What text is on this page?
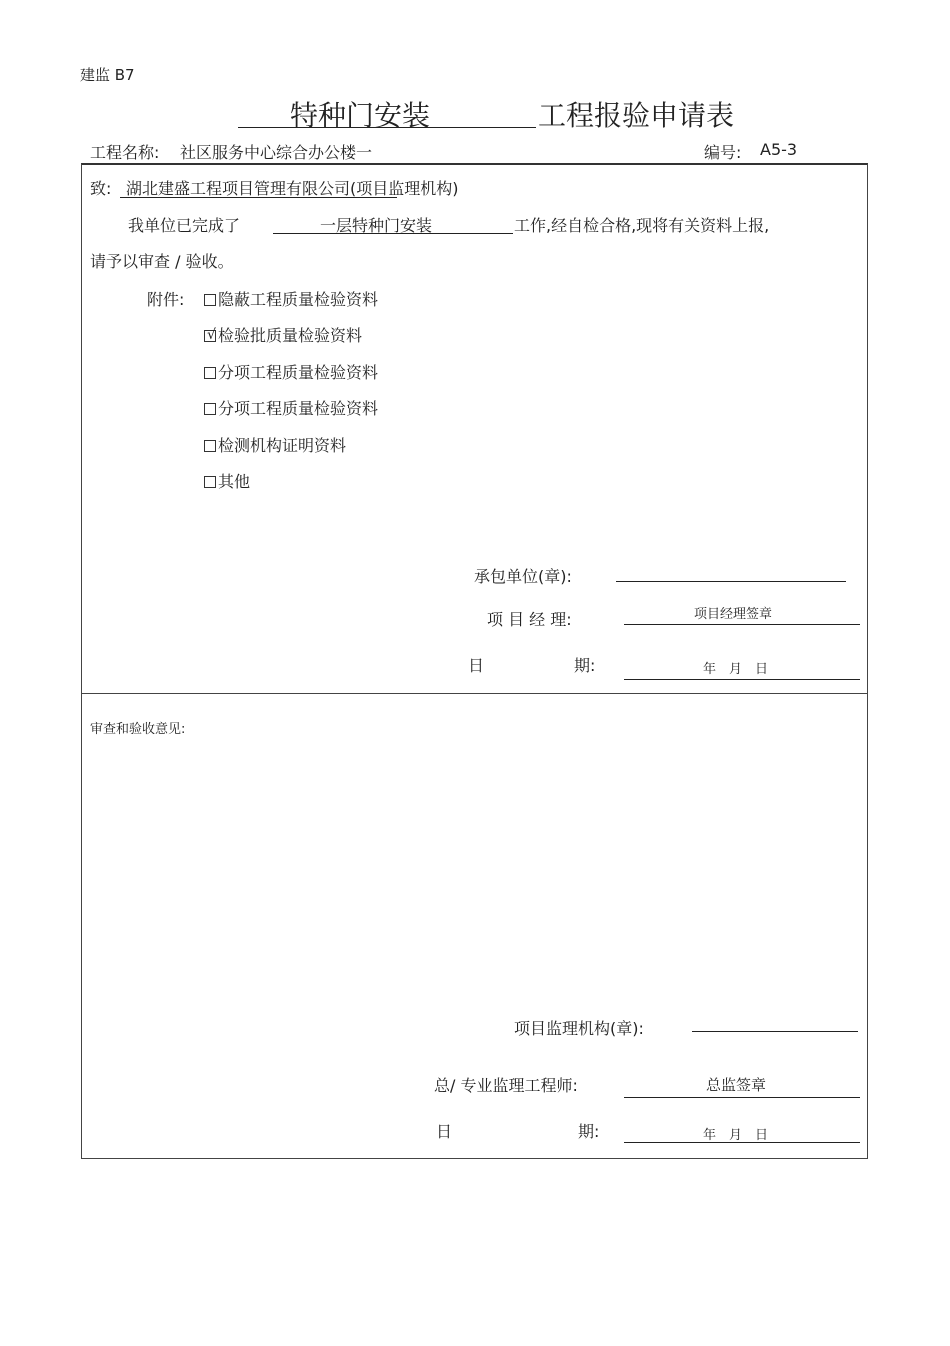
建监 B7
特种门安装	工程报验申请表
工程名称: 社区服务中心综合办公楼一	编号: A5-3
致: 湖北建盛工程项目管理有限公司(项目监理机构)
我单位已完成了	一层特种门安装	工作,经自检合格,现将有关资料上报,
请予以审查 / 验收。
附件:	隐蔽工程质量检验资料
√ 检验批质量检验资料
分项工程质量检验资料
分项工程质量检验资料
检测机构证明资料
其他
承包单位(章):
项 目 经 理:	项目经理签章
日	期:	年　月　日
审查和验收意见:
项目监理机构(章):
总/ 专业监理工程师:	总监签章
日	期:	年　月　日
